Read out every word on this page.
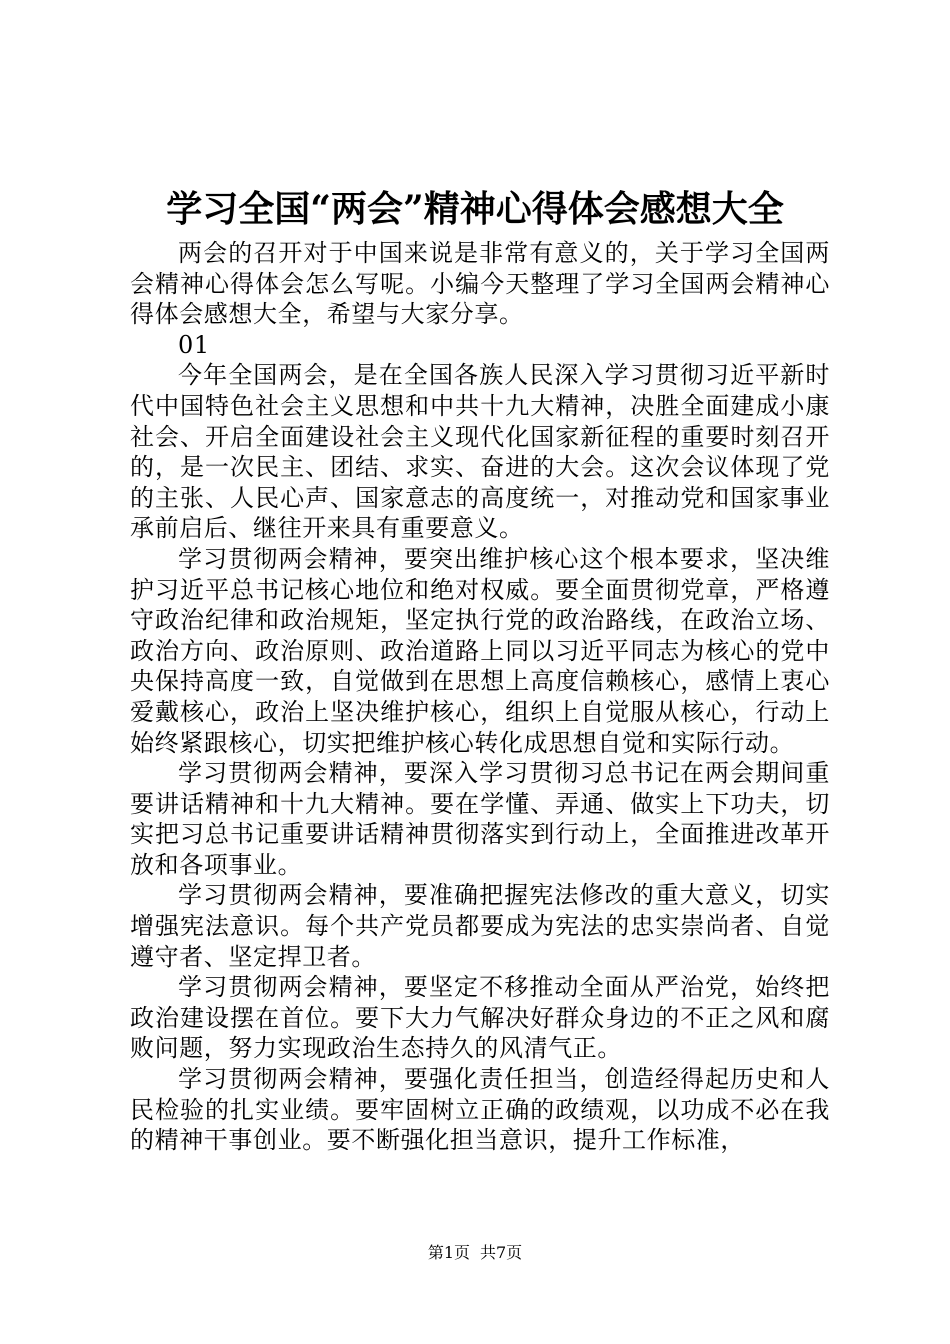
学习全国“两会”精神心得体会感想大全

两会的召开对于中国来说是非常有意义的，关于学习全国两会精神心得体会怎么写呢。小编今天整理了学习全国两会精神心得体会感想大全，希望与大家分享。

01

今年全国两会，是在全国各族人民深入学习贯彻习近平新时代中国特色社会主义思想和中共十九大精神，决胜全面建成小康社会、开启全面建设社会主义现代化国家新征程的重要时刻召开的，是一次民主、团结、求实、奋进的大会。这次会议体现了党的主张、人民心声、国家意志的高度统一，对推动党和国家事业承前启后、继往开来具有重要意义。

学习贯彻两会精神，要突出维护核心这个根本要求，坚决维护习近平总书记核心地位和绝对权威。要全面贯彻党章，严格遵守政治纪律和政治规矩，坚定执行党的政治路线，在政治立场、政治方向、政治原则、政治道路上同以习近平同志为核心的党中央保持高度一致，自觉做到在思想上高度信赖核心，感情上衷心爱戴核心，政治上坚决维护核心，组织上自觉服从核心，行动上始终紧跟核心，切实把维护核心转化成思想自觉和实际行动。

学习贯彻两会精神，要深入学习贯彻习总书记在两会期间重要讲话精神和十九大精神。要在学懂、弄通、做实上下功夫，切实把习总书记重要讲话精神贯彻落实到行动上，全面推进改革开放和各项事业。

学习贯彻两会精神，要准确把握宪法修改的重大意义，切实增强宪法意识。每个共产党员都要成为宪法的忠实崇尚者、自觉遵守者、坚定捍卫者。

学习贯彻两会精神，要坚定不移推动全面从严治党，始终把政治建设摆在首位。要下大力气解决好群众身边的不正之风和腐败问题，努力实现政治生态持久的风清气正。

学习贯彻两会精神，要强化责任担当，创造经得起历史和人民检验的扎实业绩。要牢固树立正确的政绩观，以功成不必在我的精神干事创业。要不断强化担当意识，提升工作标准，

第1页 共7页
